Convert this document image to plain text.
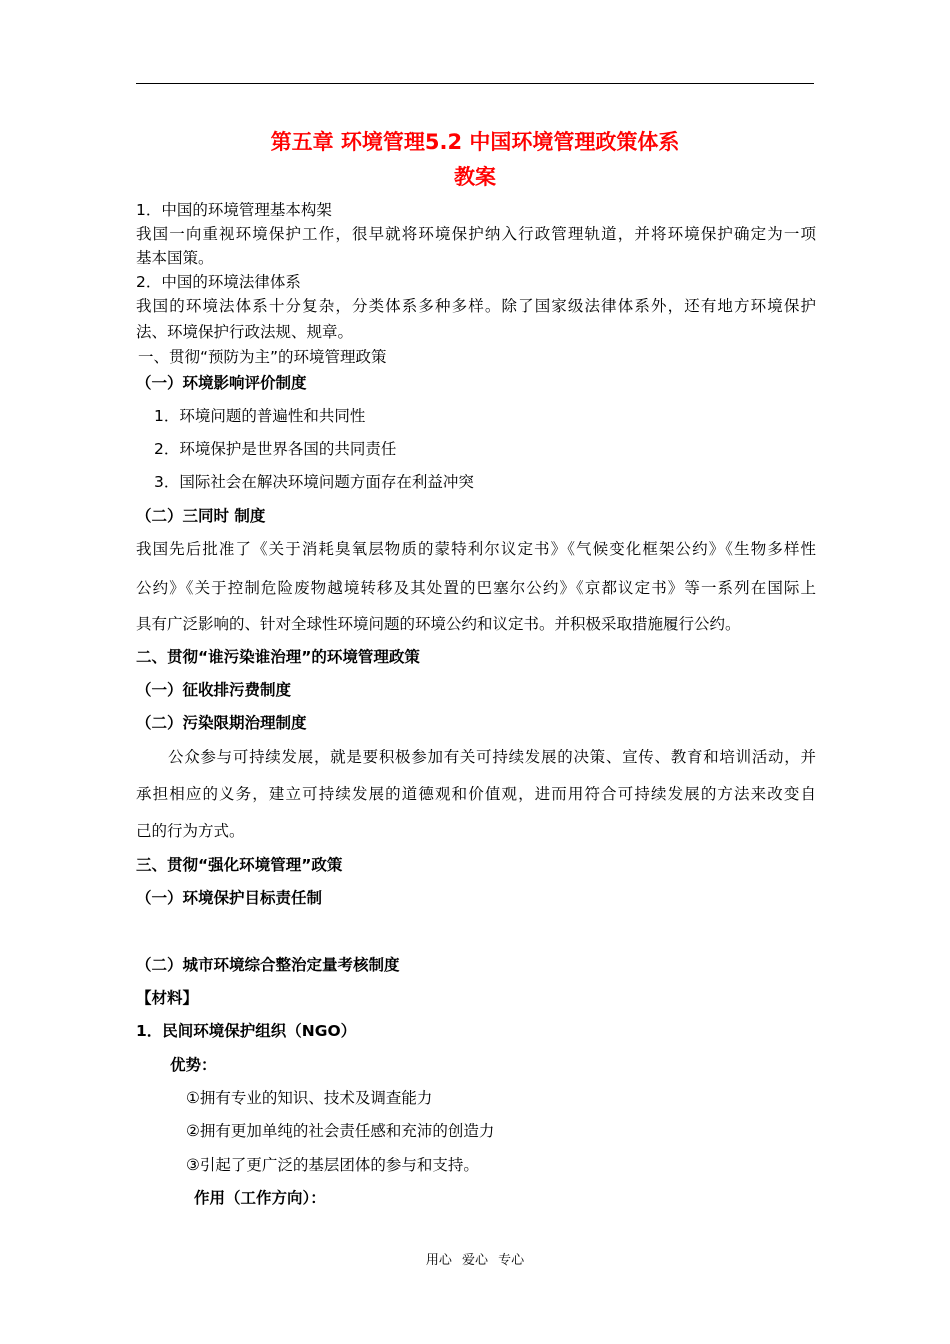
第五章 环境管理5.2 中国环境管理政策体系
教案
1．中国的环境管理基本构架
我国一向重视环境保护工作，很早就将环境保护纳入行政管理轨道，并将环境保护确定为一项
基本国策。
2．中国的环境法律体系
我国的环境法体系十分复杂，分类体系多种多样。除了国家级法律体系外，还有地方环境保护
法、环境保护行政法规、规章。
一、贯彻“预防为主”的环境管理政策
（一）环境影响评价制度
1．环境问题的普遍性和共同性
2．环境保护是世界各国的共同责任
3．国际社会在解决环境问题方面存在利益冲突
（二）三同时 制度
我国先后批准了《关于消耗臭氧层物质的蒙特利尔议定书》《气候变化框架公约》《生物多样性
公约》《关于控制危险废物越境转移及其处置的巴塞尔公约》《京都议定书》等一系列在国际上
具有广泛影响的、针对全球性环境问题的环境公约和议定书。并积极采取措施履行公约。
二、贯彻“谁污染谁治理”的环境管理政策
（一）征收排污费制度
（二）污染限期治理制度
公众参与可持续发展，就是要积极参加有关可持续发展的决策、宣传、教育和培训活动，并
承担相应的义务，建立可持续发展的道德观和价值观，进而用符合可持续发展的方法来改变自
己的行为方式。
三、贯彻“强化环境管理”政策
（一）环境保护目标责任制
（二）城市环境综合整治定量考核制度
【材料】
1．民间环境保护组织（NGO）
优势：
①拥有专业的知识、技术及调查能力
②拥有更加单纯的社会责任感和充沛的创造力
③引起了更广泛的基层团体的参与和支持。
作用（工作方向）：
用心 爱心 专心
